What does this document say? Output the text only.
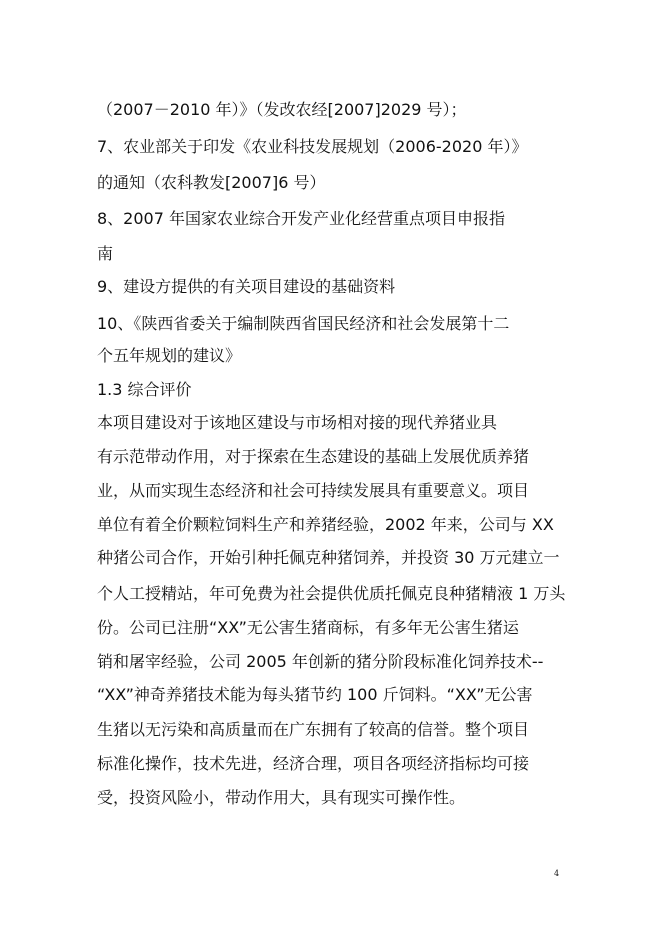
（2007－2010 年）》（发改农经[2007]2029 号）；
7、农业部关于印发《农业科技发展规划（2006-2020 年）》
的通知（农科教发[2007]6 号）
8、2007 年国家农业综合开发产业化经营重点项目申报指
南
9、建设方提供的有关项目建设的基础资料
10、《陕西省委关于编制陕西省国民经济和社会发展第十二
个五年规划的建议》
1.3 综合评价
本项目建设对于该地区建设与市场相对接的现代养猪业具
有示范带动作用，对于探索在生态建设的基础上发展优质养猪
业，从而实现生态经济和社会可持续发展具有重要意义。项目
单位有着全价颗粒饲料生产和养猪经验，2002 年来，公司与 XX
种猪公司合作，开始引种托佩克种猪饲养，并投资 30 万元建立一
个人工授精站，年可免费为社会提供优质托佩克良种猪精液 1 万头
份。公司已注册“XX”无公害生猪商标，有多年无公害生猪运
销和屠宰经验，公司 2005 年创新的猪分阶段标准化饲养技术--
“XX”神奇养猪技术能为每头猪节约 100 斤饲料。“XX”无公害
生猪以无污染和高质量而在广东拥有了较高的信誉。整个项目
标准化操作，技术先进，经济合理，项目各项经济指标均可接
受，投资风险小，带动作用大，具有现实可操作性。
4
